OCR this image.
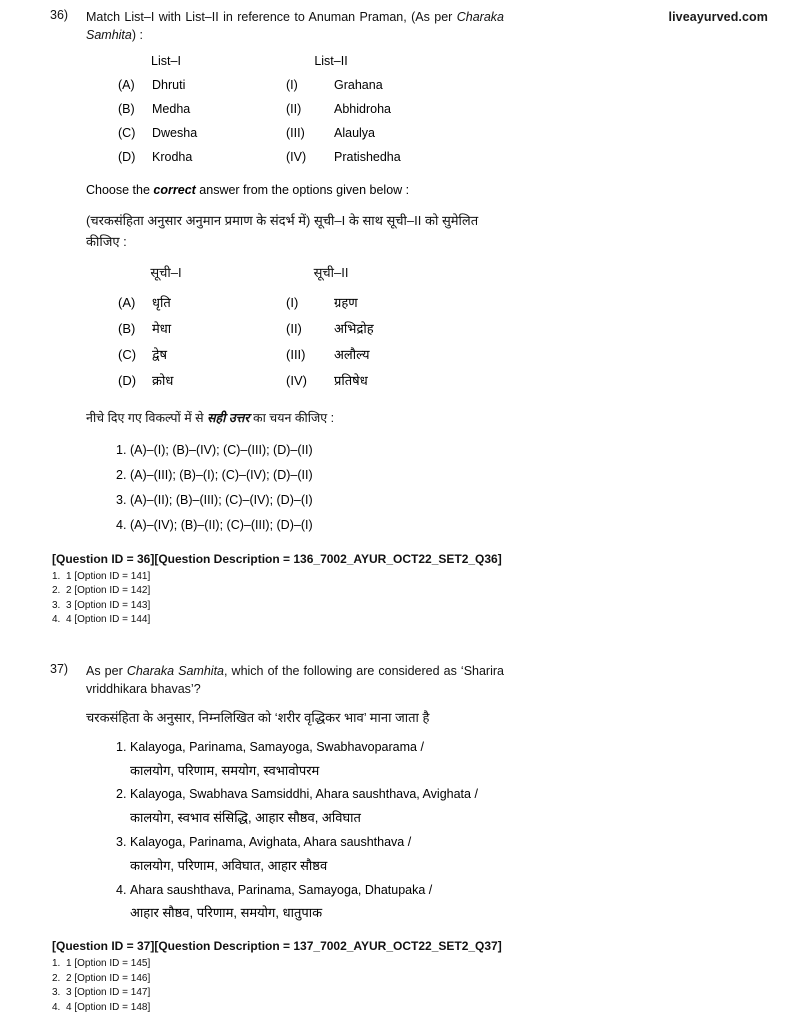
liveayurved.com
36) Match List–I with List–II in reference to Anuman Praman, (As per Charaka Samhita) :
List–I	List–II
(A)	Dhruti	(I)	Grahana
(B)	Medha	(II)	Abhidroha
(C)	Dwesha	(III)	Alaulya
(D)	Krodha	(IV)	Pratishedha
Choose the correct answer from the options given below :
(चरकसंहिता अनुसार अनुमान प्रमाण के संदर्भ में) सूची–I के साथ सूची–II को सुमेलित कीजिए :
सूची–I	सूची–II
(A)	धृति	(I)	ग्रहण
(B)	मेधा	(II)	अभिद्रोह
(C)	द्वेष	(III)	अलौल्य
(D)	क्रोध	(IV)	प्रतिषेध
नीचे दिए गए विकल्पों में से सही उत्तर का चयन कीजिए :
1. (A)–(I); (B)–(IV); (C)–(III); (D)–(II)
2. (A)–(III); (B)–(I); (C)–(IV); (D)–(II)
3. (A)–(II); (B)–(III); (C)–(IV); (D)–(I)
4. (A)–(IV); (B)–(II); (C)–(III); (D)–(I)
[Question ID = 36][Question Description = 136_7002_AYUR_OCT22_SET2_Q36]
1. 1 [Option ID = 141]
2. 2 [Option ID = 142]
3. 3 [Option ID = 143]
4. 4 [Option ID = 144]
37) As per Charaka Samhita, which of the following are considered as ‘Sharira vriddhikara bhavas’?
चरकसंहिता के अनुसार, निम्नलिखित को ‘शरीर वृद्धिकर भाव’ माना जाता है
1. Kalayoga, Parinama, Samayoga, Swabhavoparama /
कालयोग, परिणाम, समयोग, स्वभावोपरम
2. Kalayoga, Swabhava Samsiddhi, Ahara saushthava, Avighata /
कालयोग, स्वभाव संसिद्धि, आहार सौष्ठव, अविघात
3. Kalayoga, Parinama, Avighata, Ahara saushthava /
कालयोग, परिणाम, अविघात, आहार सौष्ठव
4. Ahara saushthava, Parinama, Samayoga, Dhatupaka /
आहार सौष्ठव, परिणाम, समयोग, धातुपाक
[Question ID = 37][Question Description = 137_7002_AYUR_OCT22_SET2_Q37]
1. 1 [Option ID = 145]
2. 2 [Option ID = 146]
3. 3 [Option ID = 147]
4. 4 [Option ID = 148]
